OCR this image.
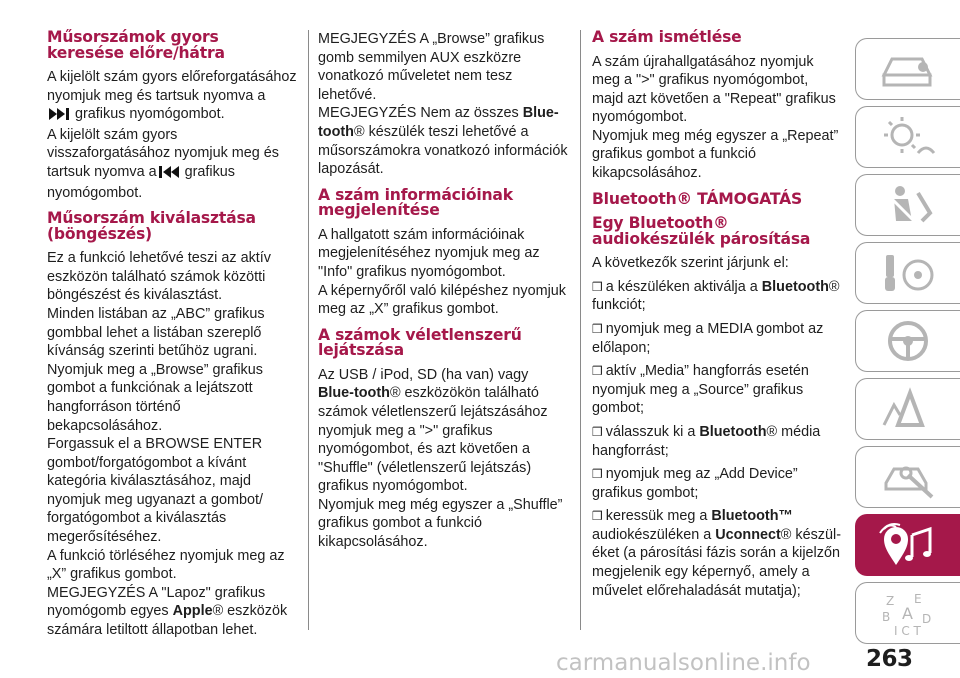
Műsorszámok gyors keresése előre/hátra

A kijelölt szám gyors előreforgatásához nyomjuk meg és tartsuk nyomva a
grafikus nyomógombot.

A kijelölt szám gyors visszaforgatásához nyomjuk meg és tartsuk nyomva a grafikus nyomógombot.

Műsorszám kiválasztása (böngészés)

Ez a funkció lehetővé teszi az aktív eszközön található számok közötti böngészést és kiválasztást.

Minden listában az „ABC” grafikus gombbal lehet a listában szereplő kívánság szerinti betűhöz ugrani.

Nyomjuk meg a „Browse” grafikus gombot a funkciónak a lejátszott hangforráson történő bekapcsolásához.

Forgassuk el a BROWSE ENTER gombot/forgatógombot a kívánt kategória kiválasztásához, majd nyomjuk meg ugyanazt a gombot/ forgatógombot a kiválasztás megerősítéséhez.

A funkció törléséhez nyomjuk meg az „X” grafikus gombot.

MEGJEGYZÉS A "Lapoz" grafikus nyomógomb egyes Apple® eszközök számára letiltott állapotban lehet.

MEGJEGYZÉS A „Browse” grafikus gomb semmilyen AUX eszközre vonatkozó műveletet nem tesz lehetővé.

MEGJEGYZÉS Nem az összes Blue-tooth® készülék teszi lehetővé a műsorszámokra vonatkozó információk lapozását.

A szám információinak megjelenítése

A hallgatott szám információinak megjelenítéséhez nyomjuk meg az "Info" grafikus nyomógombot.

A képernyőről való kilépéshez nyomjuk meg az „X” grafikus gombot.

A számok véletlenszerű lejátszása

Az USB / iPod, SD (ha van) vagy Blue-tooth® eszközökön található számok véletlenszerű lejátszásához nyomjuk meg a ">" grafikus nyomógombot, és azt követően a "Shuffle" (véletlenszerű lejátszás) grafikus nyomógombot.

Nyomjuk meg még egyszer a „Shuffle” grafikus gombot a funkció kikapcsolásához.

A szám ismétlése

A szám újrahallgatásához nyomjuk meg a ">" grafikus nyomógombot, majd azt követően a "Repeat" grafikus nyomógombot.

Nyomjuk meg még egyszer a „Repeat” grafikus gombot a funkció kikapcsolásához.

Bluetooth® TÁMOGATÁS
Egy Bluetooth® audiokészülék párosítása

A következők szerint járjunk el:

❒ a készüléken aktiválja a Bluetooth® funkciót;

❒ nyomjuk meg a MEDIA gombot az előlapon;

❒ aktív „Media” hangforrás esetén nyomjuk meg a „Source” grafikus gombot;

❒ válasszuk ki a Bluetooth® média hangforrást;

❒ nyomjuk meg az „Add Device” grafikus gombot;

❒ keressük meg a Bluetooth™ audiokészüléken a Uconnect® készül-éket (a párosítási fázis során a kijelzőn megjelenik egy képernyő, amely a művelet előrehaladását mutatja);

Z E
B A D
I C T
263
carmanualsonline.info
